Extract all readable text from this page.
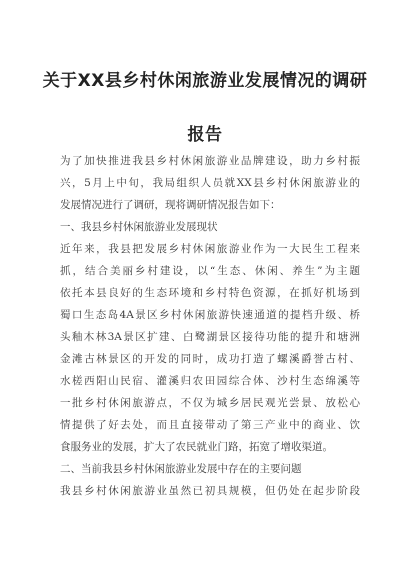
关于XX县乡村休闲旅游业发展情况的调研
报告
为了加快推进我县乡村休闲旅游业品牌建设，助力乡村振
兴，5月上中旬，我局组织人员就XX县乡村休闲旅游业的
发展情况进行了调研，现将调研情况报告如下：
一、我县乡村休闲旅游业发展现状
近年来，我县把发展乡村休闲旅游业作为一大民生工程来
抓，结合美丽乡村建设，以“生态、休闲、养生”为主题
依托本县良好的生态环境和乡村特色资源，在抓好机场到
蜀口生态岛4A景区乡村休闲旅游快速通道的提档升级、桥
头釉木林3A景区扩建、白鹭湖景区接待功能的提升和塘洲
金滩古林景区的开发的同时，成功打造了螺溪爵誉古村、
水槎西阳山民宿、灌溪归农田园综合体、沙村生态绵溪等
一批乡村休闲旅游点，不仅为城乡居民观光尝景、放松心
情提供了好去处，而且直接带动了第三产业中的商业、饮
食服务业的发展，扩大了农民就业门路，拓宽了增收渠道。
二、当前我县乡村休闲旅游业发展中存在的主要问题
我县乡村休闲旅游业虽然已初具规模，但仍处在起步阶段
